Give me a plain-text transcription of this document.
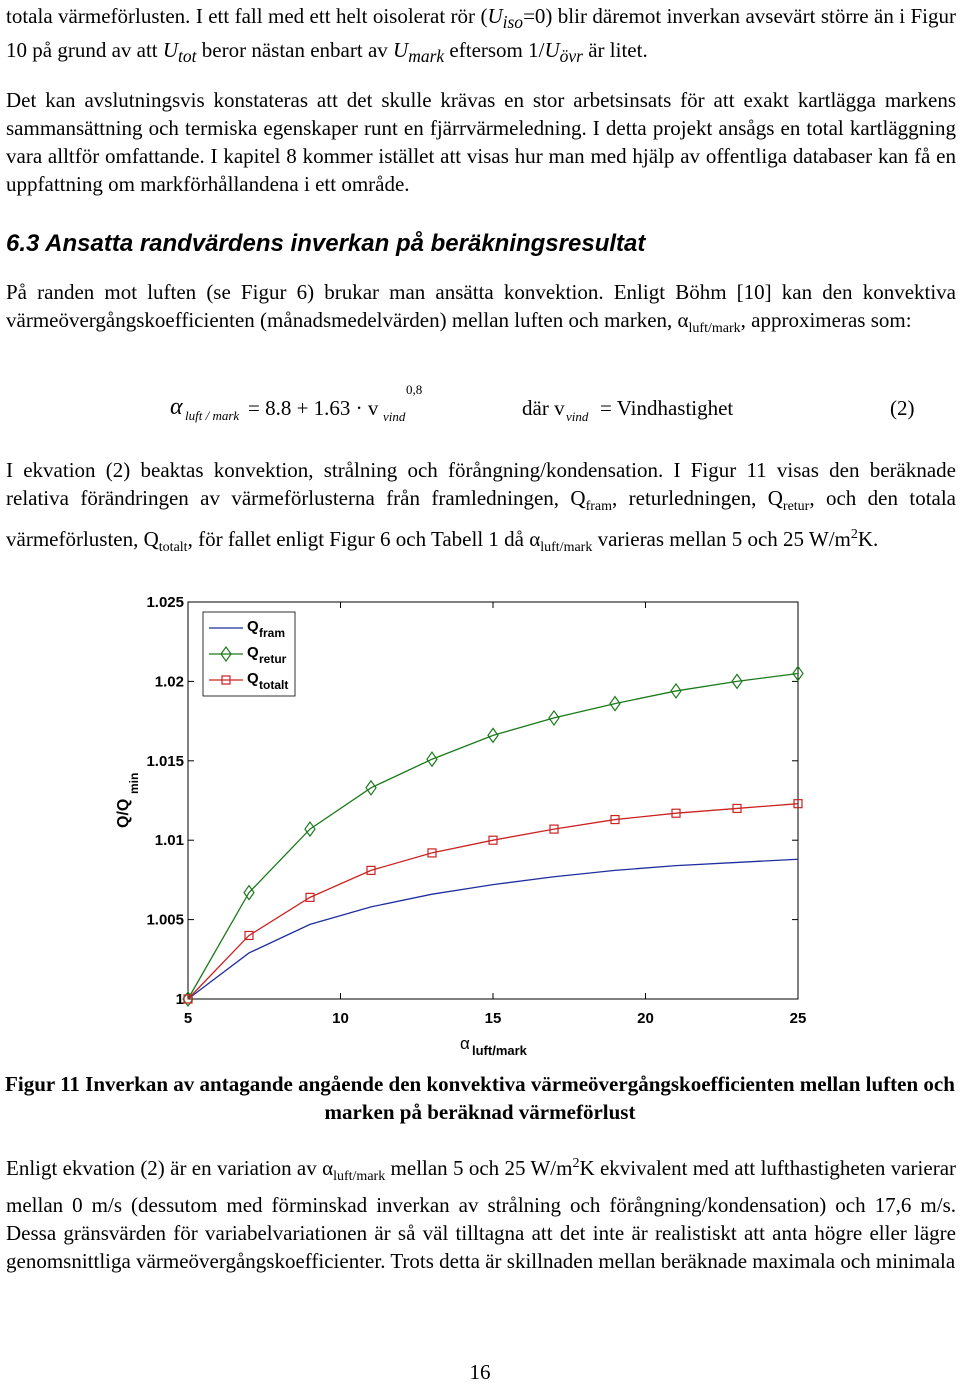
totala värmeförlusten. I ett fall med ett helt oisolerat rör $(U_{iso}=0)$ blir däremot inverkan avsevärt större än i Figur 10 på grund av att $U_{tot}$ beror nästan enbart av $U_{mark}$ eftersom $1/U_{övr}$ är litet.

Det kan avslutningsvis konstateras att det skulle krävas en stor arbetsinsats för att exakt kartlägga markens sammansättning och termiska egenskaper runt en fjärrvärmeledning. I detta projekt ansågs en total kartläggning vara alltför omfattande. I kapitel 8 kommer istället att visas hur man med hjälp av offentliga databaser kan få en uppfattning om markförhållandena i ett område.

6.3 Ansatta randvärdens inverkan på beräkningsresultat

På randen mot luften (se Figur 6) brukar man ansätta konvektion. Enligt Böhm [10] kan den konvektiva värmeövergångskoefficienten (månadsmedelvärden) mellan luften och marken, $\alpha_{luft/mark}$, approximeras som:

α luft / mark = 8.8 + 1.63 · v
0,8
vind	där v vind = Vindhastighet	(2)

I ekvation (2) beaktas konvektion, strålning och förångning/kondensation. I Figur 11 visas den beräknade relativa förändringen av värmeförlusterna från framledningen, $Q_{fram}$, returledningen, $Q_{retur}$, och den totala värmeförlusten, $Q_{totalt}$, för fallet enligt Figur 6 och Tabell 1 då $\alpha_{luft/mark}$ varieras mellan 5 och 25 $W/m^2K$.

5	10	15	20	25
1
1.005
1.01
1.015
1.02
1.025
α luft/mark
Q/Q
min
Q fram
Q retur
Q totalt

Figur 11 Inverkan av antagande angående den konvektiva värmeövergångskoefficienten mellan luften och marken på beräknad värmeförlust

Enligt ekvation (2) är en variation av $\alpha_{luft/mark}$ mellan 5 och 25 $W/m^2K$ ekvivalent med att lufthastigheten varierar mellan 0 m/s (dessutom med förminskad inverkan av strålning och förångning/kondensation) och 17,6 m/s. Dessa gränsvärden för variabelvariationen är så väl tilltagna att det inte är realistiskt att anta högre eller lägre genomsnittliga värmeövergångskoefficienter. Trots detta är skillnaden mellan beräknade maximala och minimala

16
